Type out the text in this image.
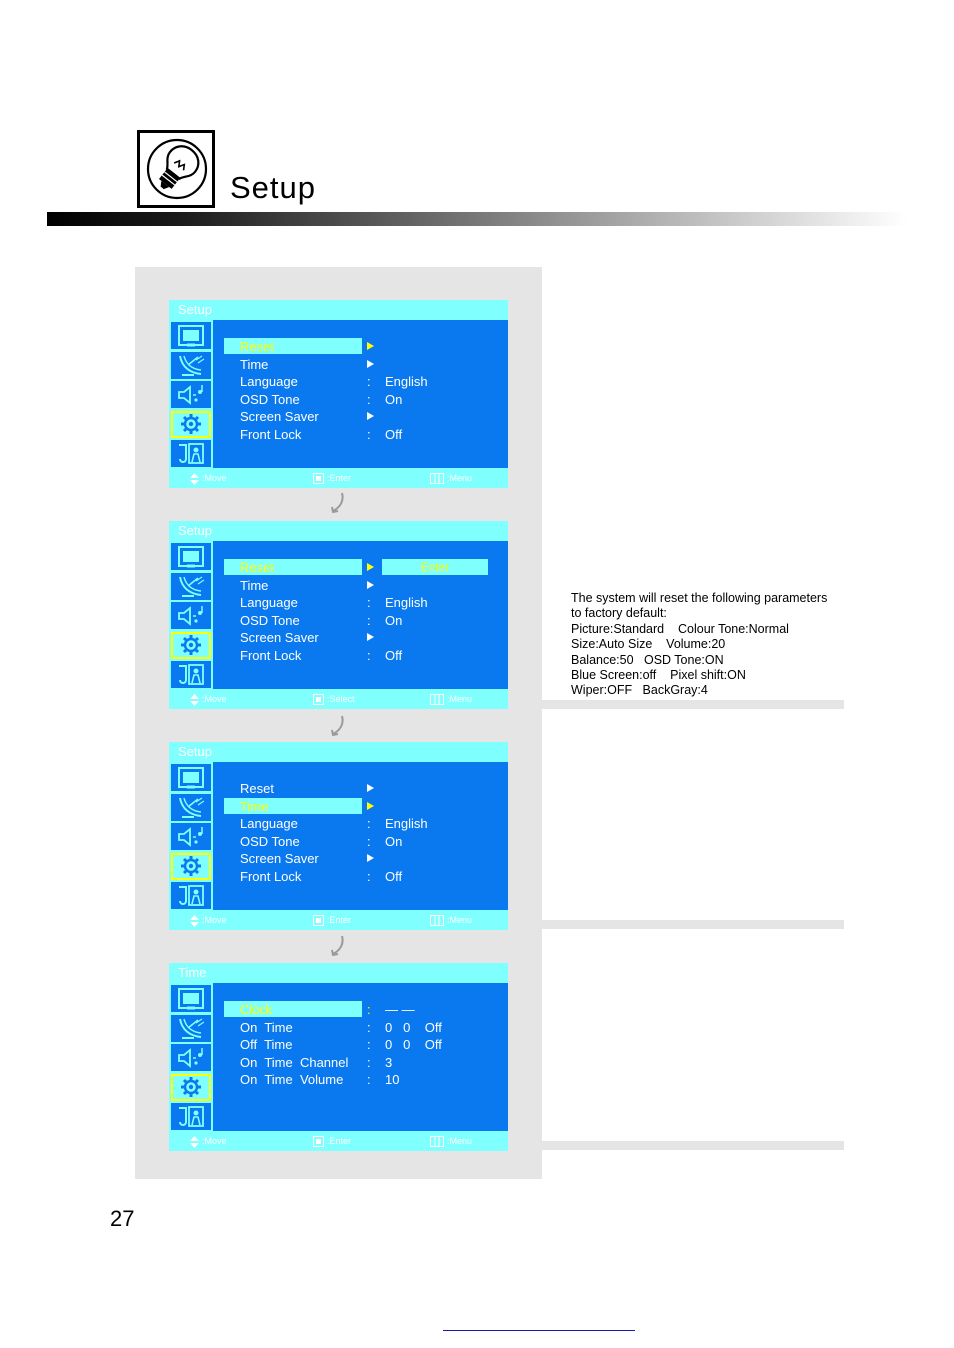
Setup
Setup
Reset
Time
Language	: English
OSD Tone	: On
Screen Saver
Front Lock	: Off
:Move	:Enter	:Menu
Setup
Reset	Enter
Time
Language	: English
OSD Tone	: On
Screen Saver
Front Lock	: Off
:Move	:Select	:Menu
Setup
Reset
Time
Language	: English
OSD Tone	: On
Screen Saver
Front Lock	: Off
:Move	:Enter	:Menu
Time
Clock	: — —
On  Time	: 0   0    Off
Off  Time	: 0   0    Off
On  Time  Channel : 3
On  Time  Volume : 10
:Move	:Enter	:Menu
The system will reset the following parameters
to factory default:
Picture:Standard    Colour Tone:Normal
Size:Auto Size    Volume:20
Balance:50   OSD Tone:ON
Blue Screen:off    Pixel shift:ON
Wiper:OFF   BackGray:4
27
